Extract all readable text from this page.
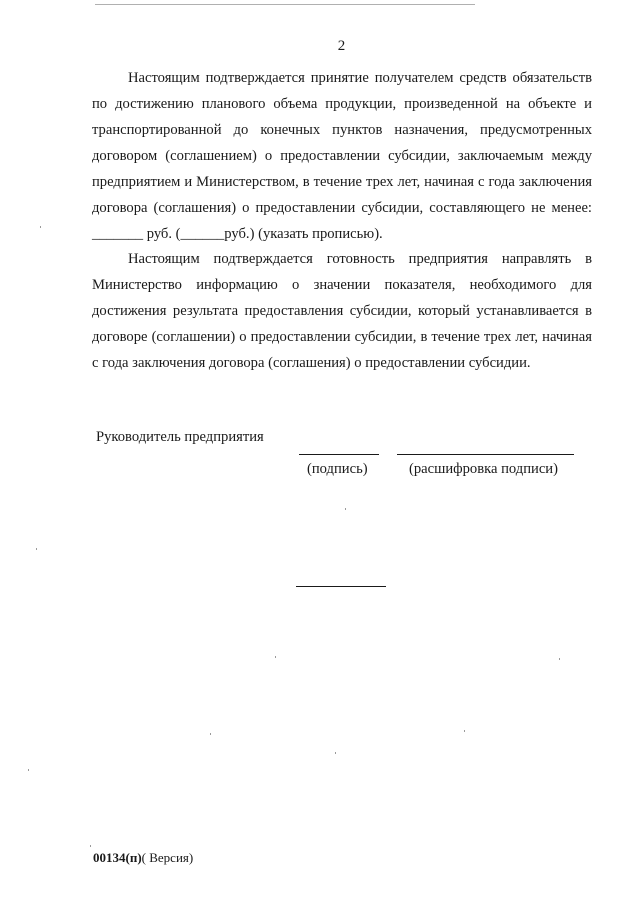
2

Настоящим подтверждается принятие получателем средств обязательств по достижению планового объема продукции, произведенной на объекте и транспортированной до конечных пунктов назначения, предусмотренных договором (соглашением) о предоставлении субсидии, заключаемым между предприятием и Министерством, в течение трех лет, начиная с года заключения договора (соглашения) о предоставлении субсидии, составляющего не менее: _______ руб. (______руб.) (указать прописью).

Настоящим подтверждается готовность предприятия направлять в Министерство информацию о значении показателя, необходимого для достижения результата предоставления субсидии, который устанавливается в договоре (соглашении) о предоставлении субсидии, в течение трех лет, начиная с года заключения договора (соглашения) о предоставлении субсидии.

Руководитель предприятия
(подпись)	(расшифровка подписи)
00134(п)( Версия)
